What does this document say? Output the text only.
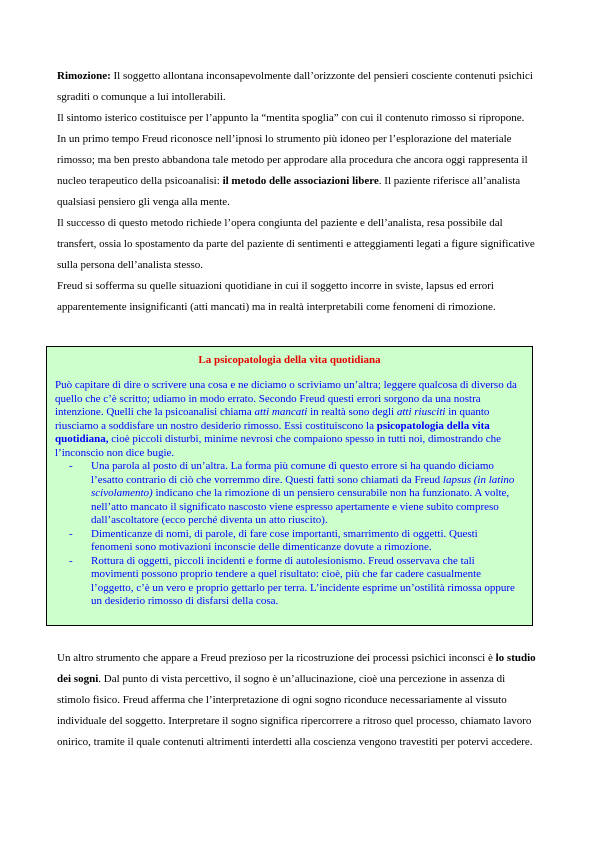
Rimozione: Il soggetto allontana inconsapevolmente dall’orizzonte del pensieri cosciente contenuti psichici sgraditi o comunque a lui intollerabili.

Il sintomo isterico costituisce per l’appunto la “mentita spoglia” con cui il contenuto rimosso si ripropone.

In un primo tempo Freud riconosce nell’ipnosi lo strumento più idoneo per l’esplorazione del materiale rimosso; ma ben presto abbandona tale metodo per approdare alla procedura che ancora oggi rappresenta il nucleo terapeutico della psicoanalisi: il metodo delle associazioni libere. Il paziente riferisce all’analista qualsiasi pensiero gli venga alla mente.

Il successo di questo metodo richiede l’opera congiunta del paziente e dell’analista, resa possibile dal transfert, ossia lo spostamento da parte del paziente di sentimenti e atteggiamenti legati a figure significative sulla persona dell’analista stesso.

Freud si sofferma su quelle situazioni quotidiane in cui il soggetto incorre in sviste, lapsus ed errori apparentemente insignificanti (atti mancati) ma in realtà interpretabili come fenomeni di rimozione.

La psicopatologia della vita quotidiana

Può capitare di dire o scrivere una cosa e ne diciamo o scriviamo un’altra; leggere qualcosa di diverso da quello che c’è scritto; udiamo in modo errato. Secondo Freud questi errori sorgono da una nostra intenzione. Quelli che la psicoanalisi chiama atti mancati in realtà sono degli atti riusciti in quanto riusciamo a soddisfare un nostro desiderio rimosso. Essi costituiscono la psicopatologia della vita quotidiana, cioè piccoli disturbi, minime nevrosi che compaiono spesso in tutti noi, dimostrando che l’inconscio non dice bugie.

- Una parola al posto di un’altra. La forma più comune di questo errore si ha quando diciamo l’esatto contrario di ciò che vorremmo dire. Questi fatti sono chiamati da Freud lapsus (in latino scivolamento) indicano che la rimozione di un pensiero censurabile non ha funzionato. A volte, nell’atto mancato il significato nascosto viene espresso apertamente e viene subito compreso dall’ascoltatore (ecco perché diventa un atto riuscito).
- Dimenticanze di nomi, di parole, di fare cose importanti, smarrimento di oggetti. Questi fenomeni sono motivazioni inconscie delle dimenticanze dovute a rimozione.
- Rottura di oggetti, piccoli incidenti e forme di autolesionismo. Freud osservava che tali movimenti possono proprio tendere a quel risultato: cioè, più che far cadere casualmente l’oggetto, c’è un vero e proprio gettarlo per terra. L’incidente esprime un’ostilità rimossa oppure un desiderio rimosso di disfarsi della cosa.

Un altro strumento che appare a Freud prezioso per la ricostruzione dei processi psichici inconsci è lo studio dei sogni. Dal punto di vista percettivo, il sogno è un’allucinazione, cioè una percezione in assenza di stimolo fisico. Freud afferma che l’interpretazione di ogni sogno riconduce necessariamente al vissuto individuale del soggetto. Interpretare il sogno significa ripercorrere a ritroso quel processo, chiamato lavoro onirico, tramite il quale contenuti altrimenti interdetti alla coscienza vengono travestiti per potervi accedere.
